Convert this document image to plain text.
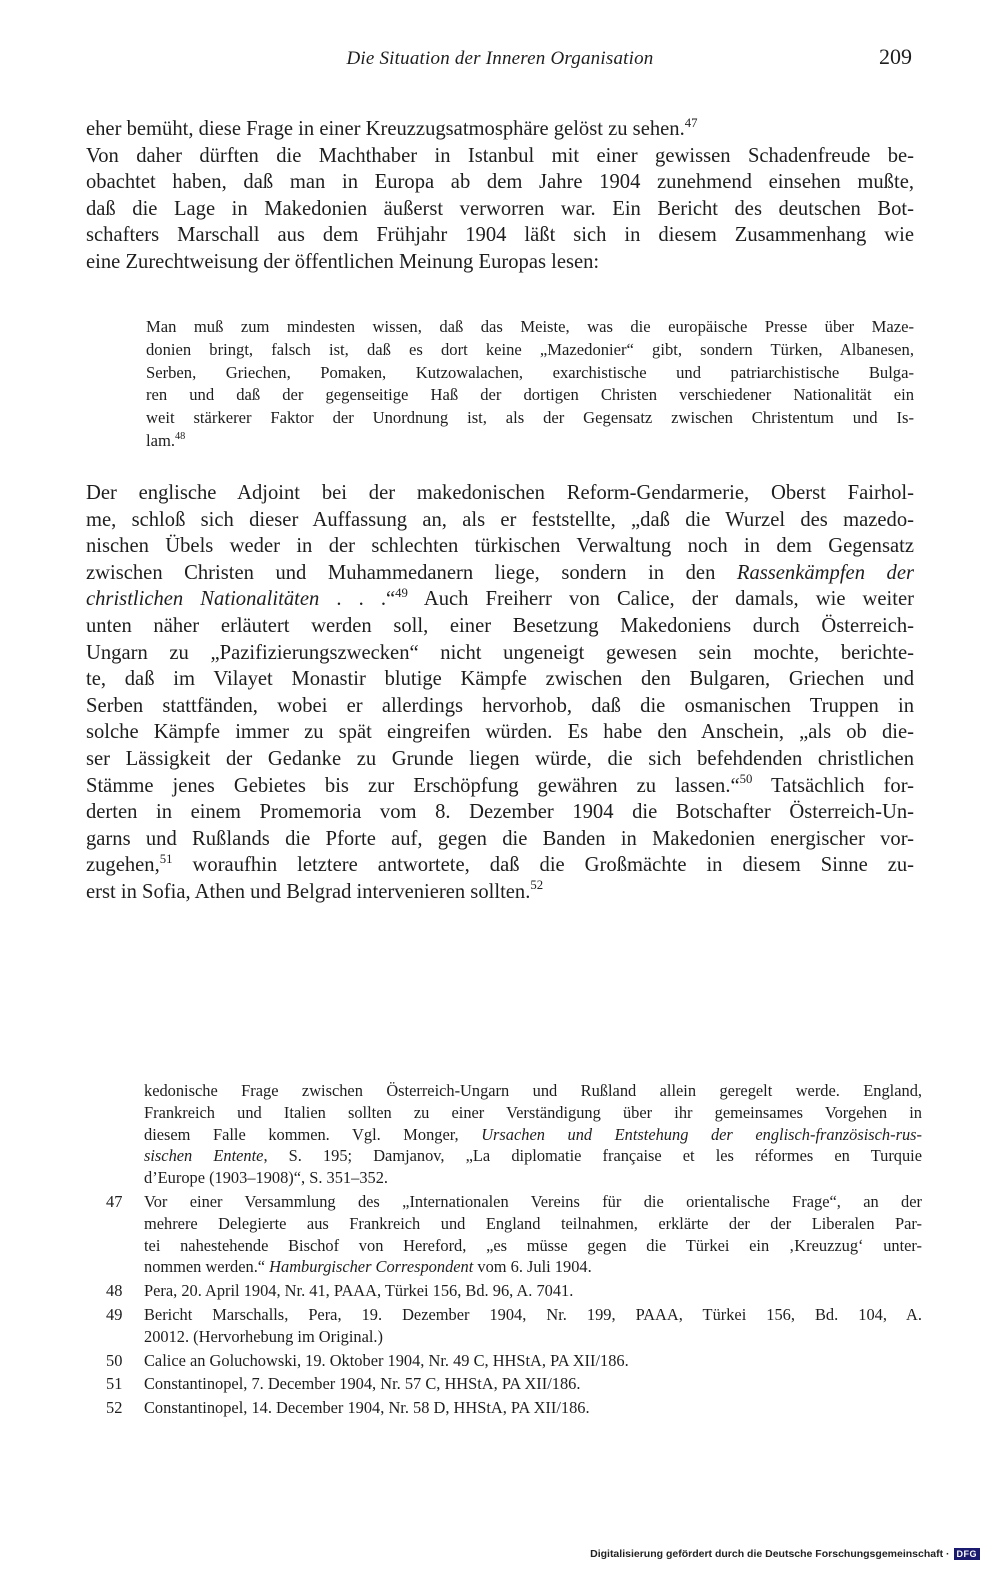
Die Situation der Inneren Organisation	209
eher bemüht, diese Frage in einer Kreuzzugsatmosphäre gelöst zu sehen.$^{47}$
Von daher dürften die Machthaber in Istanbul mit einer gewissen Schadenfreude be-
obachtet haben, daß man in Europa ab dem Jahre 1904 zunehmend einsehen mußte,
daß die Lage in Makedonien äußerst verworren war. Ein Bericht des deutschen Bot-
schafters Marschall aus dem Frühjahr 1904 läßt sich in diesem Zusammenhang wie
eine Zurechtweisung der öffentlichen Meinung Europas lesen:
Man muß zum mindesten wissen, daß das Meiste, was die europäische Presse über Maze-
donien bringt, falsch ist, daß es dort keine „Mazedonier“ gibt, sondern Türken, Albanesen,
Serben, Griechen, Pomaken, Kutzowalachen, exarchistische und patriarchistische Bulga-
ren und daß der gegenseitige Haß der dortigen Christen verschiedener Nationalität ein
weit stärkerer Faktor der Unordnung ist, als der Gegensatz zwischen Christentum und Is-
lam.$^{48}$
Der englische Adjoint bei der makedonischen Reform-Gendarmerie, Oberst Fairhol-
me, schloß sich dieser Auffassung an, als er feststellte, „daß die Wurzel des mazedo-
nischen Übels weder in der schlechten türkischen Verwaltung noch in dem Gegensatz
zwischen Christen und Muhammedanern liege, sondern in den Rassenkämpfen der
christlichen Nationalitäten . . .“$^{49}$ Auch Freiherr von Calice, der damals, wie weiter
unten näher erläutert werden soll, einer Besetzung Makedoniens durch Österreich-
Ungarn zu „Pazifizierungszwecken“ nicht ungeneigt gewesen sein mochte, berichte-
te, daß im Vilayet Monastir blutige Kämpfe zwischen den Bulgaren, Griechen und
Serben stattfänden, wobei er allerdings hervorhob, daß die osmanischen Truppen in
solche Kämpfe immer zu spät eingreifen würden. Es habe den Anschein, „als ob die-
ser Lässigkeit der Gedanke zu Grunde liegen würde, die sich befehdenden christlichen
Stämme jenes Gebietes bis zur Erschöpfung gewähren zu lassen.“$^{50}$ Tatsächlich for-
derten in einem Promemoria vom 8. Dezember 1904 die Botschafter Österreich-Un-
garns und Rußlands die Pforte auf, gegen die Banden in Makedonien energischer vor-
zugehen,$^{51}$ woraufhin letztere antwortete, daß die Großmächte in diesem Sinne zu-
erst in Sofia, Athen und Belgrad intervenieren sollten.$^{52}$
kedonische Frage zwischen Österreich-Ungarn und Rußland allein geregelt werde. England,
Frankreich und Italien sollten zu einer Verständigung über ihr gemeinsames Vorgehen in
diesem Falle kommen. Vgl. Monger, Ursachen und Entstehung der englisch-französisch-rus-
sischen Entente, S. 195; Damjanov, „La diplomatie française et les réformes en Turquie
d’Europe (1903–1908)“, S. 351–352.
47	Vor einer Versammlung des „Internationalen Vereins für die orientalische Frage“, an der
mehrere Delegierte aus Frankreich und England teilnahmen, erklärte der der Liberalen Par-
tei nahestehende Bischof von Hereford, „es müsse gegen die Türkei ein ‚Kreuzzug‘ unter-
nommen werden.“ Hamburgischer Correspondent vom 6. Juli 1904.
48	Pera, 20. April 1904, Nr. 41, PAAA, Türkei 156, Bd. 96, A. 7041.
49	Bericht Marschalls, Pera, 19. Dezember 1904, Nr. 199, PAAA, Türkei 156, Bd. 104, A.
20012. (Hervorhebung im Original.)
50	Calice an Goluchowski, 19. Oktober 1904, Nr. 49 C, HHStA, PA XII/186.
51	Constantinopel, 7. December 1904, Nr. 57 C, HHStA, PA XII/186.
52	Constantinopel, 14. December 1904, Nr. 58 D, HHStA, PA XII/186.
Digitalisierung gefördert durch die Deutsche Forschungsgemeinschaft · DFG
